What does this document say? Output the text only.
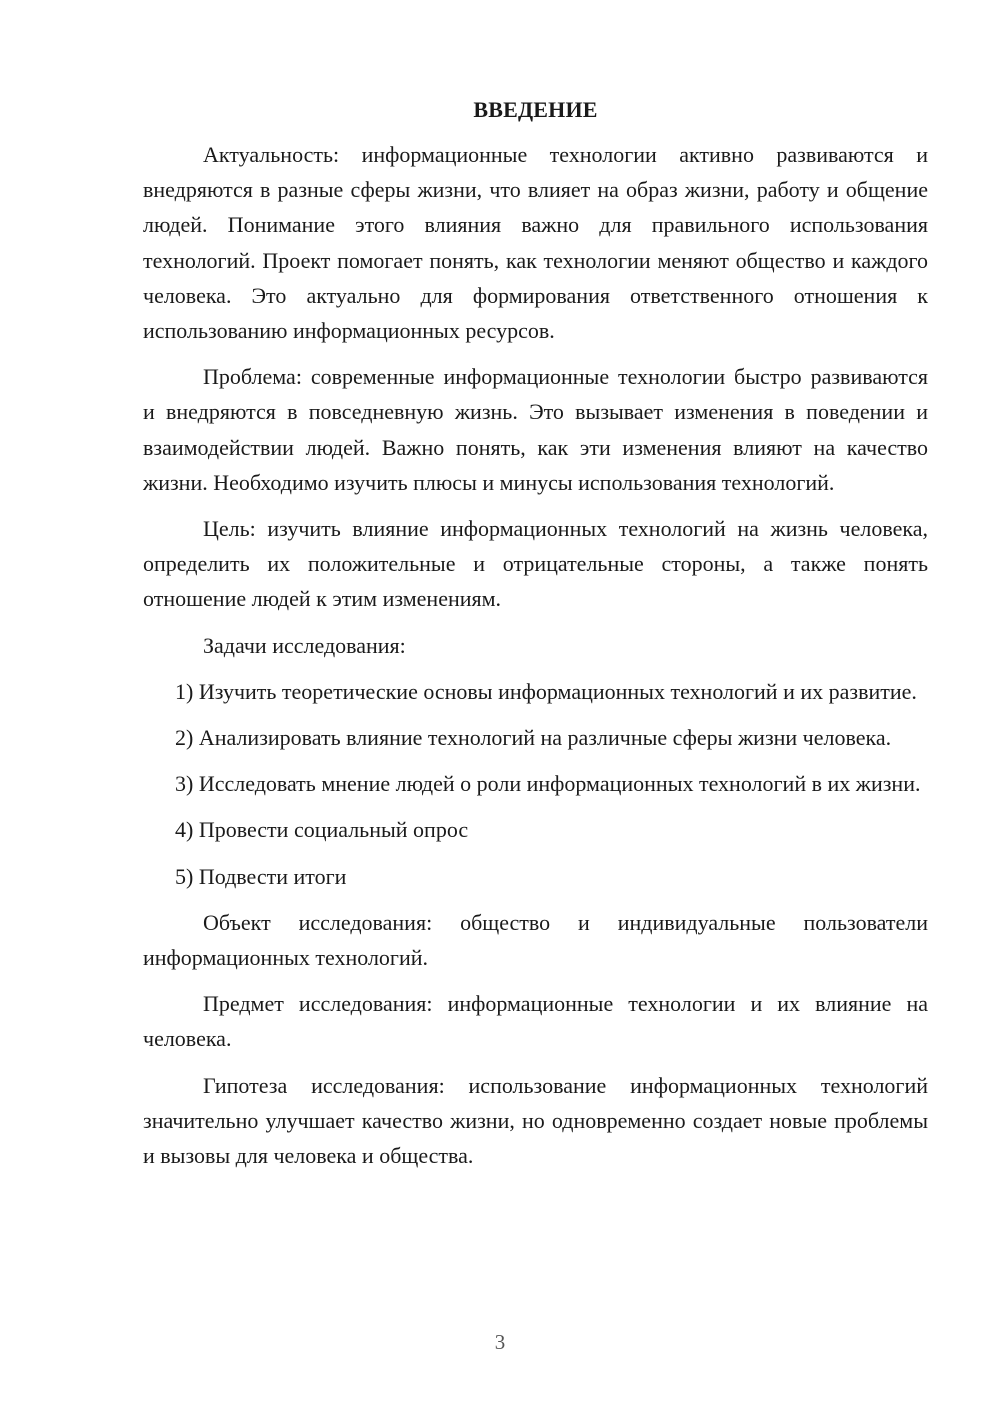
ВВЕДЕНИЕ

Актуальность: информационные технологии активно развиваются и внедряются в разные сферы жизни, что влияет на образ жизни, работу и общение людей. Понимание этого влияния важно для правильного использования технологий. Проект помогает понять, как технологии меняют общество и каждого человека. Это актуально для формирования ответственного отношения к использованию информационных ресурсов.

Проблема: современные информационные технологии быстро развиваются и внедряются в повседневную жизнь. Это вызывает изменения в поведении и взаимодействии людей. Важно понять, как эти изменения влияют на качество жизни. Необходимо изучить плюсы и минусы использования технологий.

Цель: изучить влияние информационных технологий на жизнь человека, определить их положительные и отрицательные стороны, а также понять отношение людей к этим изменениям.

Задачи исследования:

1) Изучить теоретические основы информационных технологий и их развитие.

2) Анализировать влияние технологий на различные сферы жизни человека.

3) Исследовать мнение людей о роли информационных технологий в их жизни.

4) Провести социальный опрос

5) Подвести итоги

Объект исследования: общество и индивидуальные пользователи информационных технологий.

Предмет исследования: информационные технологии и их влияние на человека.

Гипотеза исследования: использование информационных технологий значительно улучшает качество жизни, но одновременно создает новые проблемы и вызовы для человека и общества.

3
